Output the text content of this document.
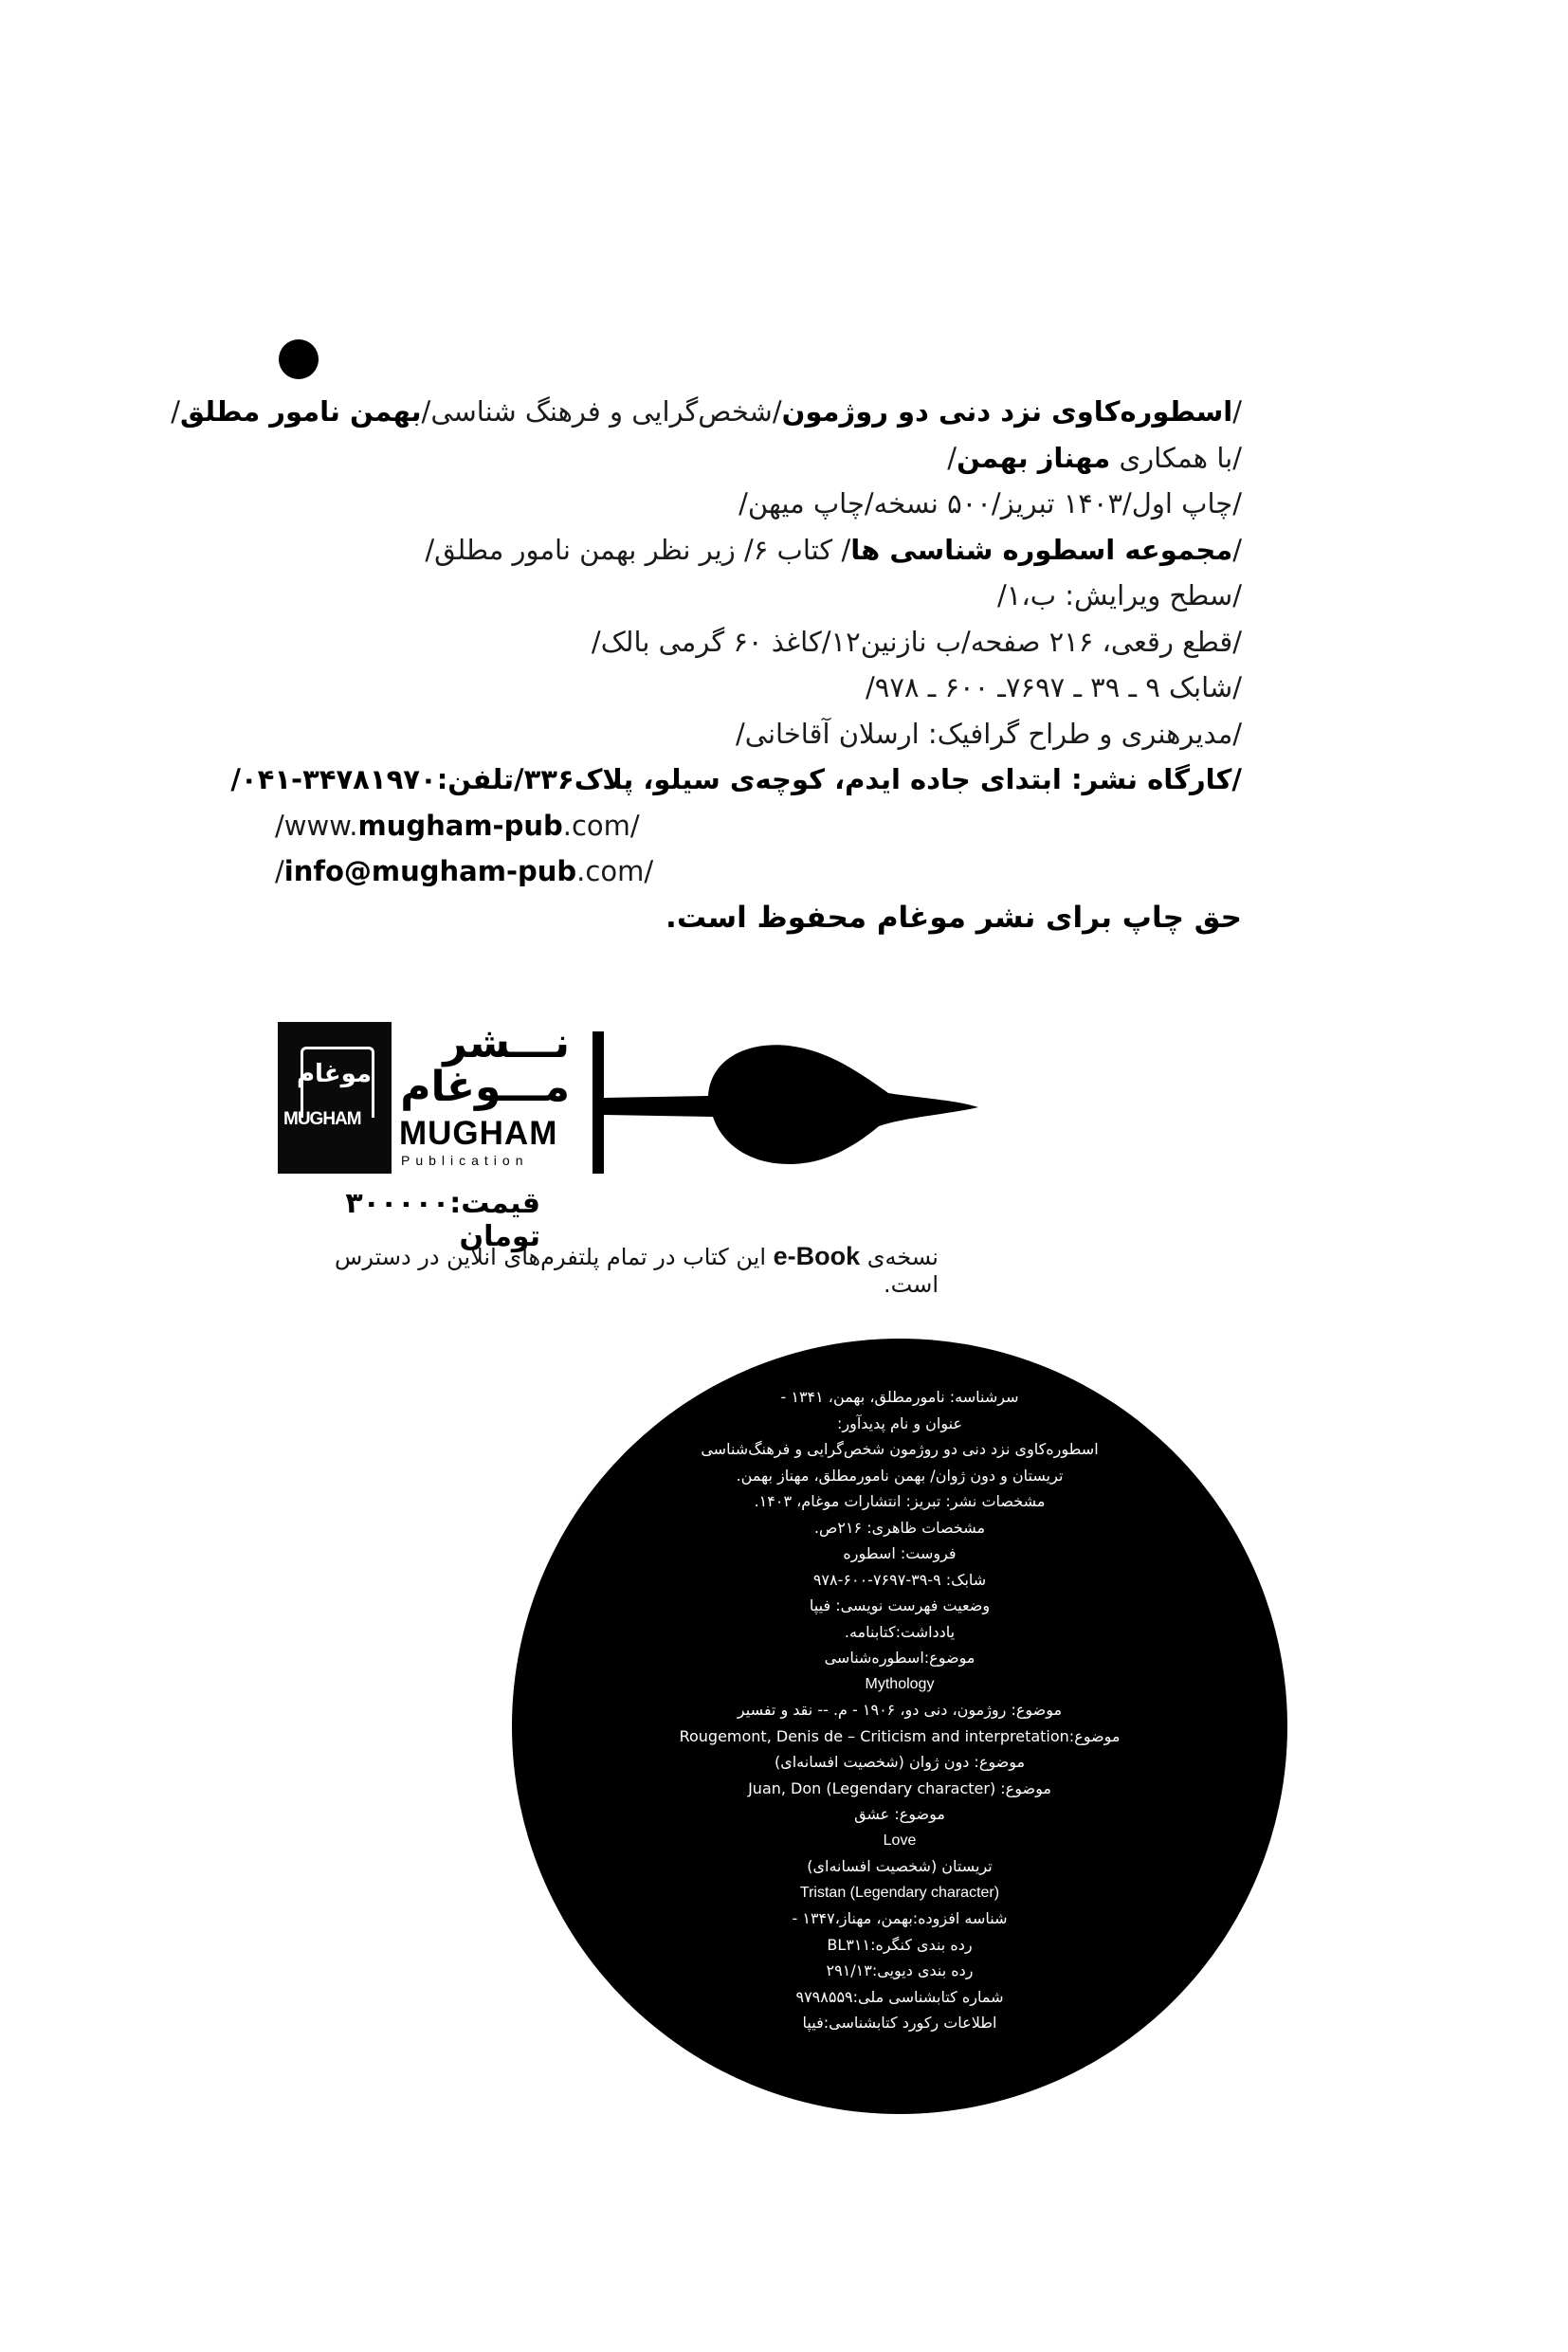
/اسطوره‌کاوی نزد دنی دو روژمون/شخص‌گرایی و فرهنگ شناسی/بهمن نامور مطلق/
/با همکاری مهناز بهمن/
/چاپ اول/۱۴۰۳ تبریز/۵۰۰ نسخه/چاپ میهن/
/مجموعه اسطوره شناسی ها/ کتاب ۶/ زیر نظر بهمن نامور مطلق/
/سطح ویرایش: ب،۱/
/قطع رقعی، ۲۱۶ صفحه/ب نازنین۱۲/کاغذ ۶۰ گرمی بالک/
/شابک ۹ ـ ۳۹ ـ ۷۶۹۷ـ ۶۰۰ ـ ۹۷۸/
/مدیرهنری و طراح گرافیک: ارسلان آقاخانی/
/کارگاه نشر: ابتدای جاده ایدم، کوچه‌ی سیلو، پلاک۳۳۶/تلفن:۳۴۷۸۱۹۷۰-۰۴۱/
/www.mugham-pub.com/
/info@mugham-pub.com/
حق چاپ برای نشر موغام محفوظ است.
موغام
MUGHAM
نـــشر
مـــوغام
MUGHAM
Publication
قیمت:۳۰۰۰۰۰ تومان
نسخه‌ی e-Book این کتاب در تمام پلتفرم‌های آنلاین در دسترس است.
سرشناسه: نامورمطلق، بهمن، ۱۳۴۱ -
عنوان و نام پدیدآور:
اسطوره‌کاوی نزد دنی دو روژمون شخص‌گرایی و فرهنگ‌شناسی
تریستان و دون ژوان/ بهمن نامورمطلق، مهناز بهمن.
مشخصات نشر: تبریز: انتشارات موغام، ۱۴۰۳.
مشخصات ظاهری: ۲۱۶ص.
فروست: اسطوره
شابک: ۹-۳۹-۷۶۹۷-۶۰۰-۹۷۸
وضعیت فهرست نویسی: فیپا
یادداشت:کتابنامه.
موضوع:اسطوره‌شناسی
Mythology
موضوع: روژمون، دنی دو، ۱۹۰۶ - م. -- نقد و تفسیر
موضوع:Rougemont, Denis de – Criticism and interpretation
موضوع: دون ژوان (شخصیت افسانه‌ای)
موضوع: Juan, Don (Legendary character)
موضوع: عشق
Love
تریستان (شخصیت افسانه‌ای)
Tristan (Legendary character)
شناسه افزوده:بهمن، مهناز،۱۳۴۷ -
رده بندی کنگره:BL۳۱۱
رده بندی دیویی:۲۹۱/۱۳
شماره کتابشناسی ملی:۹۷۹۸۵۵۹
اطلاعات رکورد کتابشناسی:فیپا
